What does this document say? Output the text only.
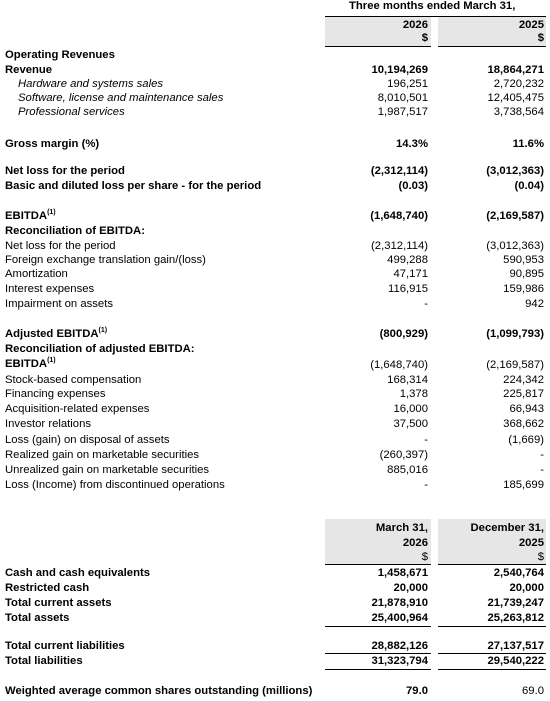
Three months ended March 31,
2026	2025
$	$
Operating Revenues
Revenue	10,194,269	18,864,271
Hardware and systems sales	196,251	2,720,232
Software, license and maintenance sales	8,010,501	12,405,475
Professional services	1,987,517	3,738,564
Gross margin (%)	14.3%	11.6%
Net loss for the period	(2,312,114)	(3,012,363)
Basic and diluted loss per share - for the period	(0.03)	(0.04)
EBITDA$^{(1)}$	(1,648,740)	(2,169,587)
Reconciliation of EBITDA:
Net loss for the period	(2,312,114)	(3,012,363)
Foreign exchange translation gain/(loss)	499,288	590,953
Amortization	47,171	90,895
Interest expenses	116,915	159,986
Impairment on assets	-	942
Adjusted EBITDA$^{(1)}$	(800,929)	(1,099,793)
Reconciliation of adjusted EBITDA:
EBITDA$^{(1)}$	(1,648,740)	(2,169,587)
Stock-based compensation	168,314	224,342
Financing expenses	1,378	225,817
Acquisition-related expenses	16,000	66,943
Investor relations	37,500	368,662
Loss (gain) on disposal of assets	-	(1,669)
Realized gain on marketable securities	(260,397)	-
Unrealized gain on marketable securities	885,016	-
Loss (Income) from discontinued operations	-	185,699
March 31,	December 31,
2026	2025
$	$
Cash and cash equivalents	1,458,671	2,540,764
Restricted cash	20,000	20,000
Total current assets	21,878,910	21,739,247
Total assets	25,400,964	25,263,812
Total current liabilities	28,882,126	27,137,517
Total liabilities	31,323,794	29,540,222
Weighted average common shares outstanding (millions)	79.0	69.0
